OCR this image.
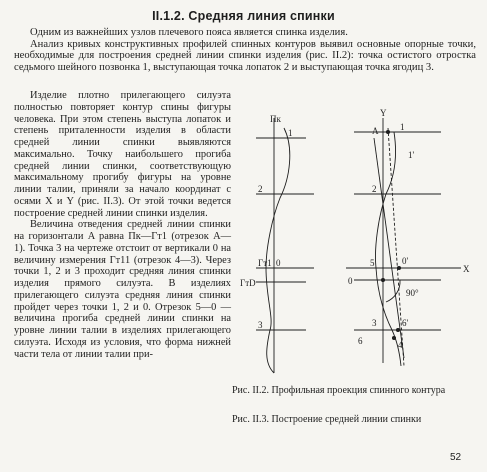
II.1.2. Средняя линия спинки

Одним из важнейших узлов плечевого пояса является спинка изделия.

Анализ кривых конструктивных профилей спинных контуров выявил основные опорные точки, необходимые для построения средней линии спинки изделия (рис. II.2): точка остистого отростка седьмого шейного позвонка 1, выступающая точка лопаток 2 и выступающая точка ягодиц 3.

Изделие плотно прилегающего силуэта полностью повторяет контур спины фигуры человека. При этом степень выступа лопаток и степень приталенности изделия в области средней линии спинки выявляются максимально. Точку наибольшего прогиба средней линии спинки, соответствующую максимальному прогибу фигуры на уровне линии талии, приняли за начало координат с осями X и Y (рис. II.3). От этой точки ведется построение средней линии спинки изделия.

Величина отведения средней линии спинки на горизонтали A равна Пк—Гт1 (отрезок A—1). Точка 3 на чертеже отстоит от вертикали 0 на величину измерения Гт11 (отрезок 4—3). Через точки 1, 2 и 3 проходит средняя линия спинки изделия прямого силуэта. В изделиях прилегающего силуэта средняя линия спинки пройдет через точки 1, 2 и 0. Отрезок 5—0 — величина прогиба средней линии спинки на уровне линии талии в изделиях прилегающего силуэта. Исходя из условия, что форма нижней части тела от линии талии при-

Пк
1
2
Гт1 0
ГтD
3
Y
A 1
1'
2
5	0'
X
0
90°
3	6'
6	4
Рис. II.2. Профильная проекция спинного контура
Рис. II.3. Построение средней линии спинки
52
